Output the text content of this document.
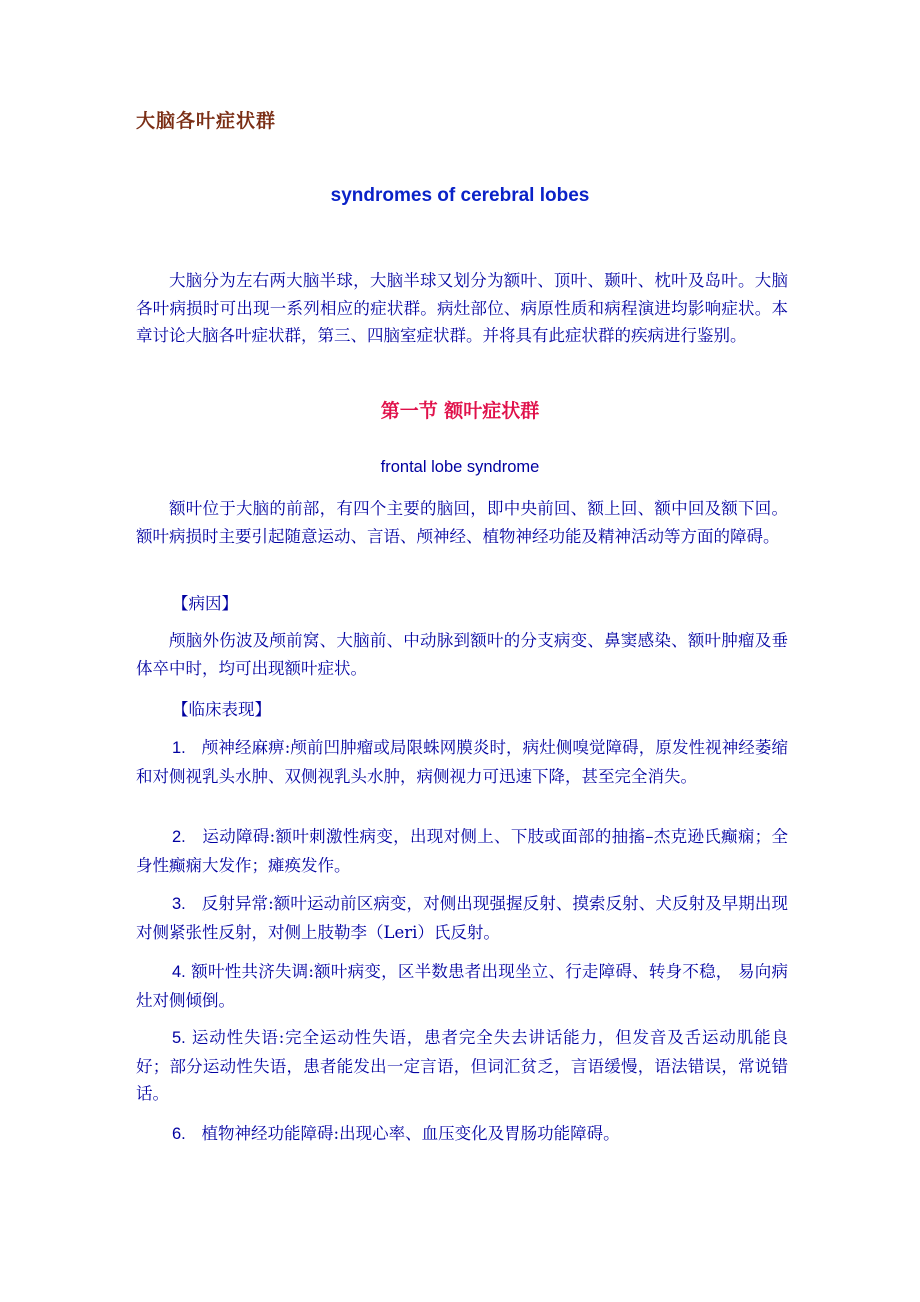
大脑各叶症状群
syndromes of cerebral lobes

大脑分为左右两大脑半球，大脑半球又划分为额叶、顶叶、颞叶、枕叶及岛叶。大脑各叶病损时可出现一系列相应的症状群。病灶部位、病原性质和病程演进均影响症状。本章讨论大脑各叶症状群，第三、四脑室症状群。并将具有此症状群的疾病进行鉴别。

第一节 额叶症状群

frontal lobe syndrome

额叶位于大脑的前部，有四个主要的脑回，即中央前回、额上回、额中回及额下回。额叶病损时主要引起随意运动、言语、颅神经、植物神经功能及精神活动等方面的障碍。

【病因】

颅脑外伤波及颅前窝、大脑前、中动脉到额叶的分支病变、鼻窦感染、额叶肿瘤及垂体卒中时，均可出现额叶症状。

【临床表现】

1. 颅神经麻痹:颅前凹肿瘤或局限蛛网膜炎时，病灶侧嗅觉障碍，原发性视神经萎缩和对侧视乳头水肿、双侧视乳头水肿，病侧视力可迅速下降，甚至完全消失。

2. 运动障碍:额叶刺激性病变，出现对侧上、下肢或面部的抽搐–杰克逊氏癫痫；全身性癫痫大发作；瘫痪发作。

3. 反射异常:额叶运动前区病变，对侧出现强握反射、摸索反射、犬反射及早期出现对侧紧张性反射，对侧上肢勒李（Leri）氏反射。

4. 额叶性共济失调:额叶病变，区半数患者出现坐立、行走障碍、转身不稳， 易向病灶对侧倾倒。

5. 运动性失语:完全运动性失语，患者完全失去讲话能力，但发音及舌运动肌能良好；部分运动性失语，患者能发出一定言语，但词汇贫乏，言语缓慢，语法错误，常说错话。

6. 植物神经功能障碍:出现心率、血压变化及胃肠功能障碍。
